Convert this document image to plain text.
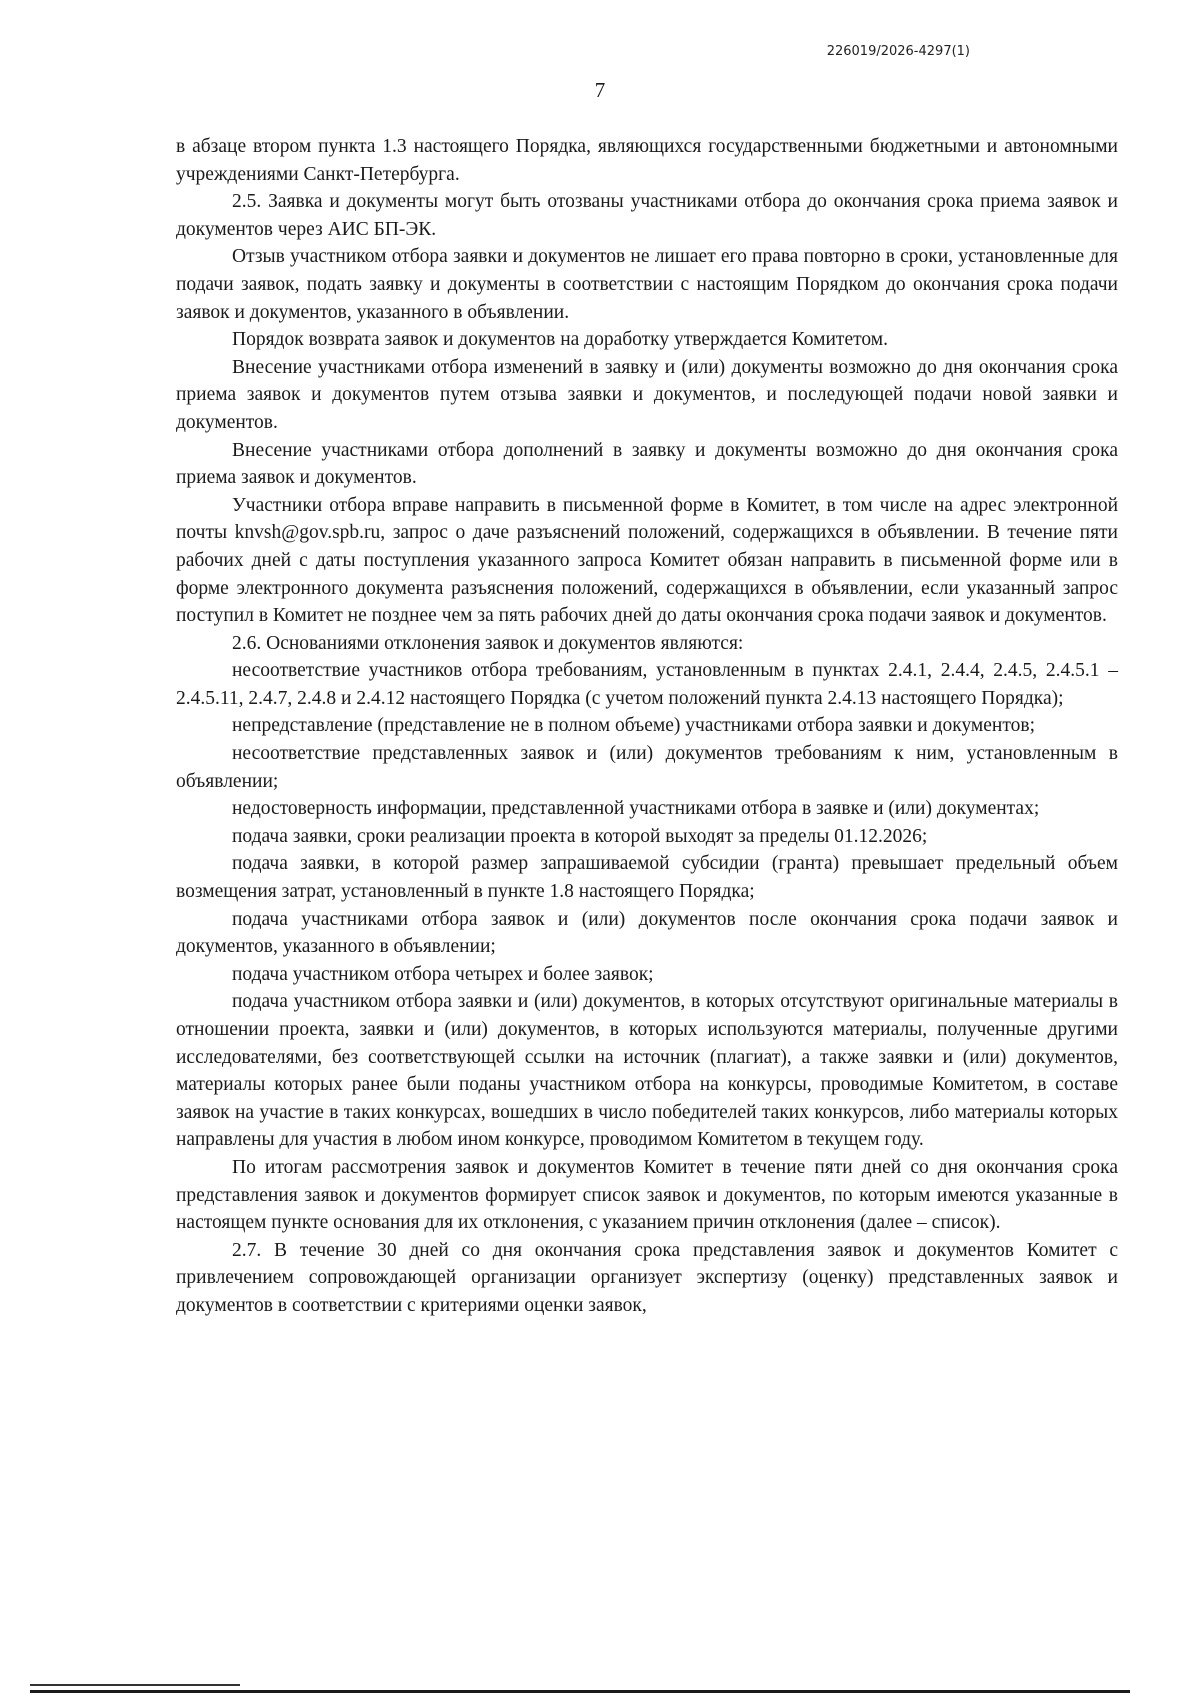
226019/2026-4297(1)
7

в абзаце втором пункта 1.3 настоящего Порядка, являющихся государственными бюджетными и автономными учреждениями Санкт-Петербурга.

2.5. Заявка и документы могут быть отозваны участниками отбора до окончания срока приема заявок и документов через АИС БП-ЭК.

Отзыв участником отбора заявки и документов не лишает его права повторно в сроки, установленные для подачи заявок, подать заявку и документы в соответствии с настоящим Порядком до окончания срока подачи заявок и документов, указанного в объявлении.

Порядок возврата заявок и документов на доработку утверждается Комитетом.

Внесение участниками отбора изменений в заявку и (или) документы возможно до дня окончания срока приема заявок и документов путем отзыва заявки и документов, и последующей подачи новой заявки и документов.

Внесение участниками отбора дополнений в заявку и документы возможно до дня окончания срока приема заявок и документов.

Участники отбора вправе направить в письменной форме в Комитет, в том числе на адрес электронной почты knvsh@gov.spb.ru, запрос о даче разъяснений положений, содержащихся в объявлении. В течение пяти рабочих дней с даты поступления указанного запроса Комитет обязан направить в письменной форме или в форме электронного документа разъяснения положений, содержащихся в объявлении, если указанный запрос поступил в Комитет не позднее чем за пять рабочих дней до даты окончания срока подачи заявок и документов.

2.6. Основаниями отклонения заявок и документов являются:

несоответствие участников отбора требованиям, установленным в пунктах 2.4.1, 2.4.4, 2.4.5, 2.4.5.1 – 2.4.5.11, 2.4.7, 2.4.8 и 2.4.12 настоящего Порядка (с учетом положений пункта 2.4.13 настоящего Порядка);

непредставление (представление не в полном объеме) участниками отбора заявки и документов;

несоответствие представленных заявок и (или) документов требованиям к ним, установленным в объявлении;

недостоверность информации, представленной участниками отбора в заявке и (или) документах;

подача заявки, сроки реализации проекта в которой выходят за пределы 01.12.2026;

подача заявки, в которой размер запрашиваемой субсидии (гранта) превышает предельный объем возмещения затрат, установленный в пункте 1.8 настоящего Порядка;

подача участниками отбора заявок и (или) документов после окончания срока подачи заявок и документов, указанного в объявлении;

подача участником отбора четырех и более заявок;

подача участником отбора заявки и (или) документов, в которых отсутствуют оригинальные материалы в отношении проекта, заявки и (или) документов, в которых используются материалы, полученные другими исследователями, без соответствующей ссылки на источник (плагиат), а также заявки и (или) документов, материалы которых ранее были поданы участником отбора на конкурсы, проводимые Комитетом, в составе заявок на участие в таких конкурсах, вошедших в число победителей таких конкурсов, либо материалы которых направлены для участия в любом ином конкурсе, проводимом Комитетом в текущем году.

По итогам рассмотрения заявок и документов Комитет в течение пяти дней со дня окончания срока представления заявок и документов формирует список заявок и документов, по которым имеются указанные в настоящем пункте основания для их отклонения, с указанием причин отклонения (далее – список).

2.7. В течение 30 дней со дня окончания срока представления заявок и документов Комитет с привлечением сопровождающей организации организует экспертизу (оценку) представленных заявок и документов в соответствии с критериями оценки заявок,
